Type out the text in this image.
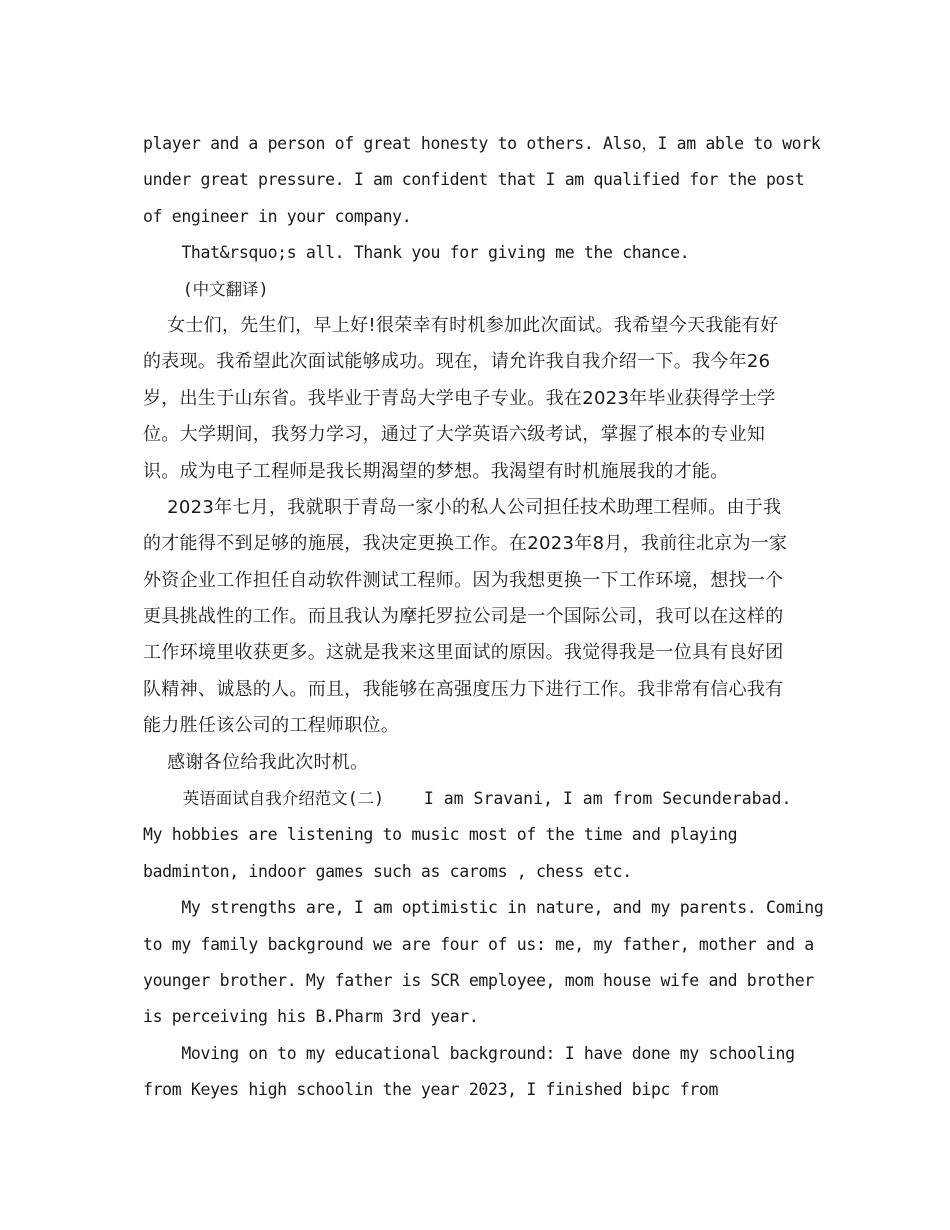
player and a person of great honesty to others. Also，I am able to work
under great pressure. I am confident that I am qualified for the post
of engineer in your company.
That&rsquo;s all. Thank you for giving me the chance.
(中文翻译)
女士们，先生们，早上好!很荣幸有时机参加此次面试。我希望今天我能有好
的表现。我希望此次面试能够成功。现在，请允许我自我介绍一下。我今年26
岁，出生于山东省。我毕业于青岛大学电子专业。我在2023年毕业获得学士学
位。大学期间，我努力学习，通过了大学英语六级考试，掌握了根本的专业知
识。成为电子工程师是我长期渴望的梦想。我渴望有时机施展我的才能。
2023年七月，我就职于青岛一家小的私人公司担任技术助理工程师。由于我
的才能得不到足够的施展，我决定更换工作。在2023年8月，我前往北京为一家
外资企业工作担任自动软件测试工程师。因为我想更换一下工作环境，想找一个
更具挑战性的工作。而且我认为摩托罗拉公司是一个国际公司，我可以在这样的
工作环境里收获更多。这就是我来这里面试的原因。我觉得我是一位具有良好团
队精神、诚恳的人。而且，我能够在高强度压力下进行工作。我非常有信心我有
能力胜任该公司的工程师职位。
感谢各位给我此次时机。
英语面试自我介绍范文(二)    I am Sravani, I am from Secunderabad.
My hobbies are listening to music most of the time and playing
badminton, indoor games such as caroms , chess etc.
My strengths are, I am optimistic in nature, and my parents. Coming
to my family background we are four of us: me, my father, mother and a
younger brother. My father is SCR employee, mom house wife and brother
is perceiving his B.Pharm 3rd year.
Moving on to my educational background: I have done my schooling
from Keyes high schoolin the year 2023, I finished bipc from
